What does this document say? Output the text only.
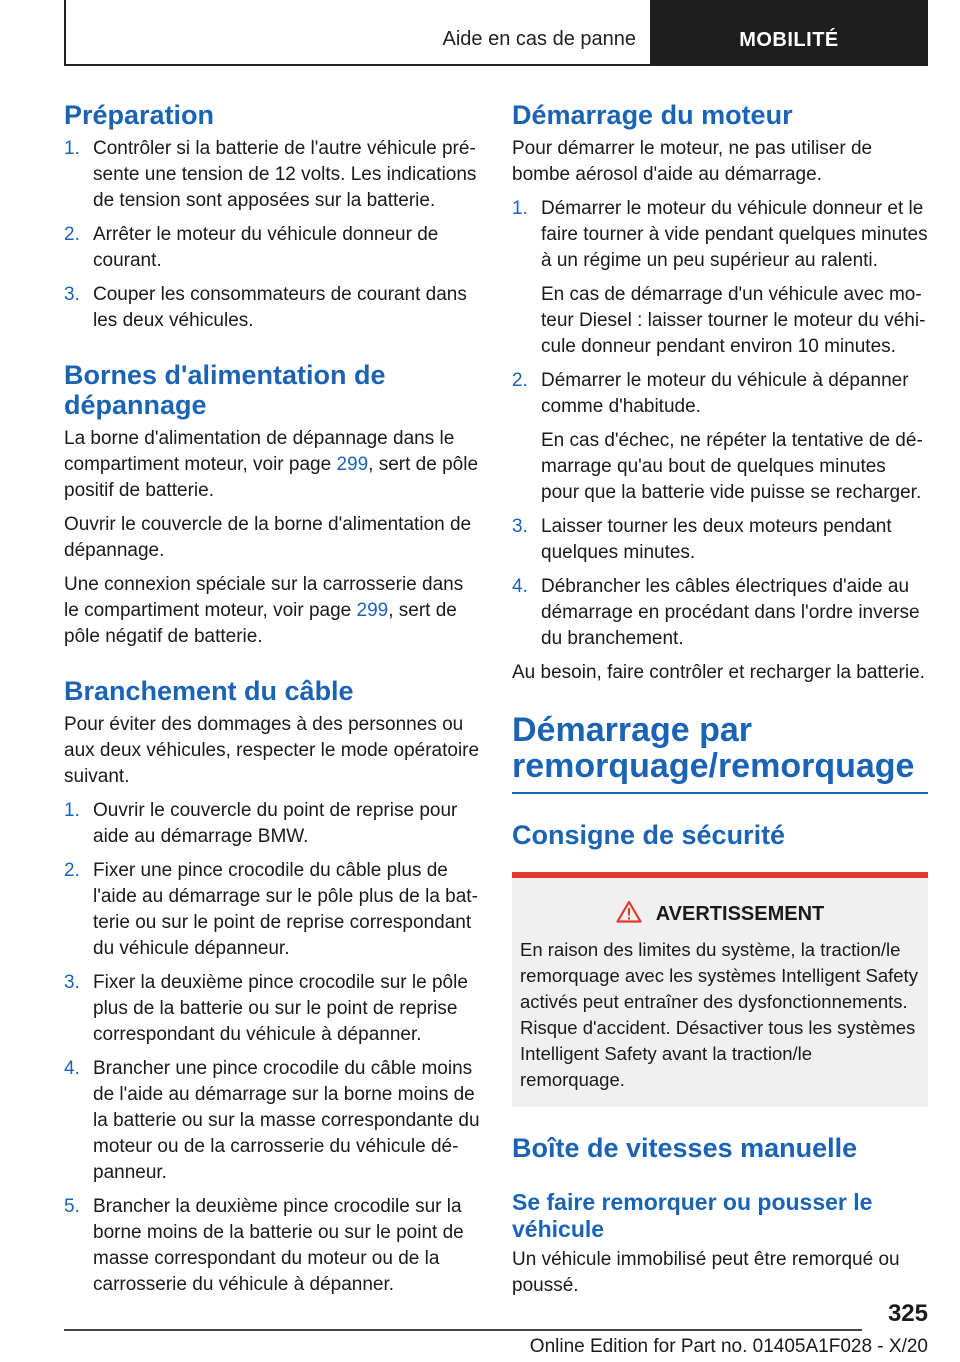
Aide en cas de panne	MOBILITÉ
Préparation
1. Contrôler si la batterie de l'autre véhicule présente une tension de 12 volts. Les indications de tension sont apposées sur la batterie.
2. Arrêter le moteur du véhicule donneur de courant.
3. Couper les consommateurs de courant dans les deux véhicules.
Bornes d'alimentation de dépannage

La borne d'alimentation de dépannage dans le compartiment moteur, voir page 299, sert de pôle positif de batterie.

Ouvrir le couvercle de la borne d'alimentation de dépannage.

Une connexion spéciale sur la carrosserie dans le compartiment moteur, voir page 299, sert de pôle négatif de batterie.

Branchement du câble

Pour éviter des dommages à des personnes ou aux deux véhicules, respecter le mode opératoire suivant.

1. Ouvrir le couvercle du point de reprise pour aide au démarrage BMW.
2. Fixer une pince crocodile du câble plus de l'aide au démarrage sur le pôle plus de la batterie ou sur le point de reprise correspondant du véhicule dépanneur.
3. Fixer la deuxième pince crocodile sur le pôle plus de la batterie ou sur le point de reprise correspondant du véhicule à dépanner.
4. Brancher une pince crocodile du câble moins de l'aide au démarrage sur la borne moins de la batterie ou sur la masse correspondante du moteur ou de la carrosserie du véhicule dépanneur.
5. Brancher la deuxième pince crocodile sur la borne moins de la batterie ou sur le point de masse correspondant du moteur ou de la carrosserie du véhicule à dépanner.
Démarrage du moteur

Pour démarrer le moteur, ne pas utiliser de bombe aérosol d'aide au démarrage.

1. Démarrer le moteur du véhicule donneur et le faire tourner à vide pendant quelques minutes à un régime un peu supérieur au ralenti.
En cas de démarrage d'un véhicule avec moteur Diesel : laisser tourner le moteur du véhicule donneur pendant environ 10 minutes.
2. Démarrer le moteur du véhicule à dépanner comme d'habitude.
En cas d'échec, ne répéter la tentative de démarrage qu'au bout de quelques minutes pour que la batterie vide puisse se recharger.
3. Laisser tourner les deux moteurs pendant quelques minutes.
4. Débrancher les câbles électriques d'aide au démarrage en procédant dans l'ordre inverse du branchement.

Au besoin, faire contrôler et recharger la batterie.

Démarrage par remorquage/remorquage
Consigne de sécurité
AVERTISSEMENT

En raison des limites du système, la traction/le remorquage avec les systèmes Intelligent Safety activés peut entraîner des dysfonctionnements. Risque d'accident. Désactiver tous les systèmes Intelligent Safety avant la traction/le remorquage.

Boîte de vitesses manuelle
Se faire remorquer ou pousser le véhicule

Un véhicule immobilisé peut être remorqué ou poussé.

325
Online Edition for Part no. 01405A1F028 - X/20
